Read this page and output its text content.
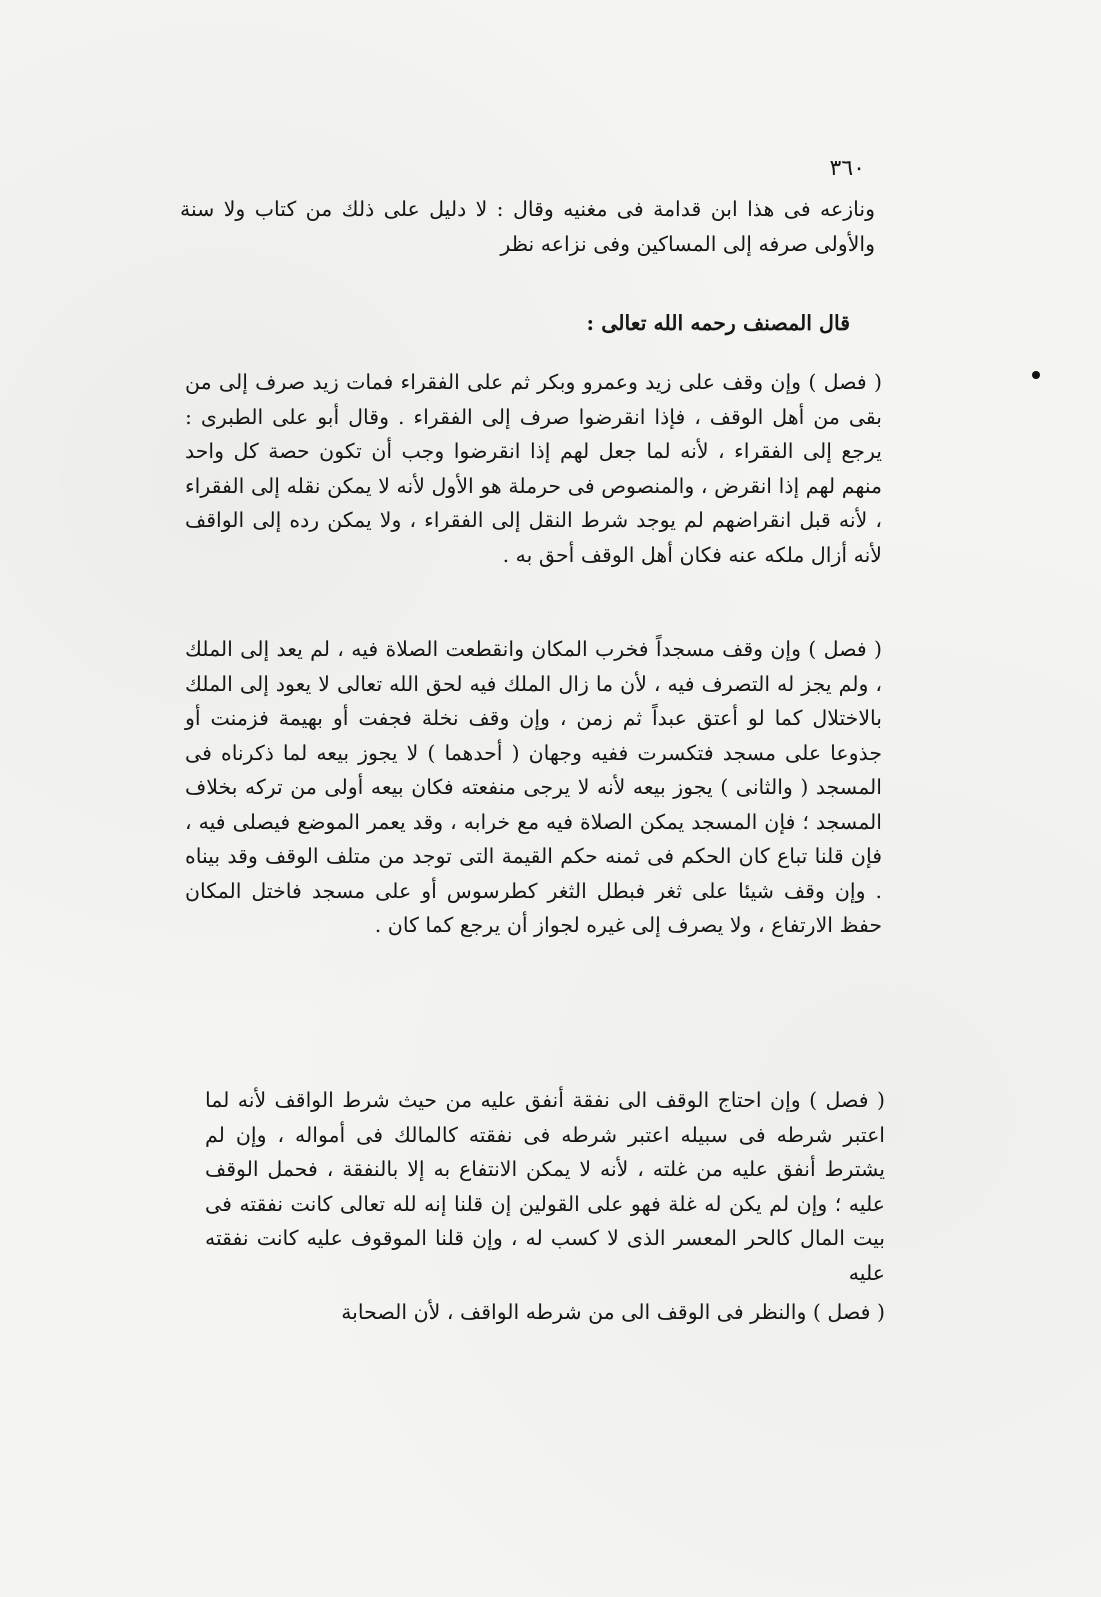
٣٦٠

ونازعه فى هذا ابن قدامة فى مغنيه وقال : لا دليل على ذلك من كتاب ولا سنة والأولى صرفه إلى المساكين وفى نزاعه نظر

قال المصنف رحمه الله تعالى :

( فصل ) وإن وقف على زيد وعمرو وبكر ثم على الفقراء فمات زيد صرف إلى من بقى من أهل الوقف ، فإذا انقرضوا صرف إلى الفقراء . وقال أبو على الطبرى : يرجع إلى الفقراء ، لأنه لما جعل لهم إذا انقرضوا وجب أن تكون حصة كل واحد منهم لهم إذا انقرض ، والمنصوص فى حرملة هو الأول لأنه لا يمكن نقله إلى الفقراء ، لأنه قبل انقراضهم لم يوجد شرط النقل إلى الفقراء ، ولا يمكن رده إلى الواقف لأنه أزال ملكه عنه فكان أهل الوقف أحق به .

( فصل ) وإن وقف مسجداً فخرب المكان وانقطعت الصلاة فيه ، لم يعد إلى الملك ، ولم يجز له التصرف فيه ، لأن ما زال الملك فيه لحق الله تعالى لا يعود إلى الملك بالاختلال كما لو أعتق عبداً ثم زمن ، وإن وقف نخلة فجفت أو بهيمة فزمنت أو جذوعا على مسجد فتكسرت ففيه وجهان ( أحدهما ) لا يجوز بيعه لما ذكرناه فى المسجد ( والثانى ) يجوز بيعه لأنه لا يرجى منفعته فكان بيعه أولى من تركه بخلاف المسجد ؛ فإن المسجد يمكن الصلاة فيه مع خرابه ، وقد يعمر الموضع فيصلى فيه ، فإن قلنا تباع كان الحكم فى ثمنه حكم القيمة التى توجد من متلف الوقف وقد بيناه . وإن وقف شيئا على ثغر فبطل الثغر كطرسوس أو على مسجد فاختل المكان حفظ الارتفاع ، ولا يصرف إلى غيره لجواز أن يرجع كما كان .

( فصل ) وإن احتاج الوقف الى نفقة أنفق عليه من حيث شرط الواقف لأنه لما اعتبر شرطه فى سبيله اعتبر شرطه فى نفقته كالمالك فى أمواله ، وإن لم يشترط أنفق عليه من غلته ، لأنه لا يمكن الانتفاع به إلا بالنفقة ، فحمل الوقف عليه ؛ وإن لم يكن له غلة فهو على القولين إن قلنا إنه لله تعالى كانت نفقته فى بيت المال كالحر المعسر الذى لا كسب له ، وإن قلنا الموقوف عليه كانت نفقته عليه

( فصل ) والنظر فى الوقف الى من شرطه الواقف ، لأن الصحابة
